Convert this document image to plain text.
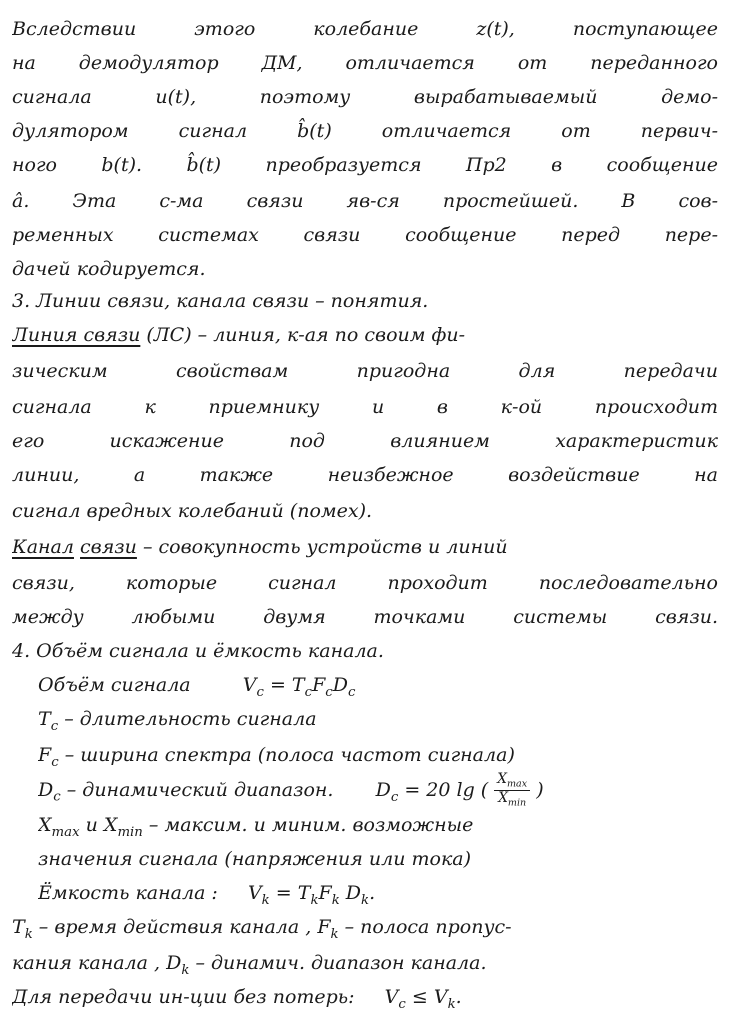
Вследствии этого колебание z(t), поступающее
на демодулятор ДМ, отличается от переданного
сигнала u(t), поэтому вырабатываемый демо-
дулятором сигнал b̂(t) отличается от первич-
ного b(t). b̂(t) преобразуется Пр2 в сообщение
â. Эта с-ма связи яв-ся простейшей. В сов-
ременных системах связи сообщение перед пере-
дачей кодируется.
3. Линии связи, канала связи – понятия.
Линия связи (ЛС) – линия, к-ая по своим фи-
зическим свойствам пригодна для передачи
сигнала к приемнику и в к-ой происходит
его искажение под влиянием характеристик
линии, а также неизбежное воздействие на
сигнал вредных колебаний (помех).
Канал связи – совокупность устройств и линий
связи, которые сигнал проходит последовательно
между любыми двумя точками системы связи.
4. Объём сигнала и ёмкость канала.
Объём сигнала	$V_c = T_cF_cD_c$
$T_c$ – длительность сигнала
$F_c$ – ширина спектра (полоса частот сигнала)
$D_c$ – динамический диапазон. $D_c = 20$ lg ( $\frac{X_{max}}{X_{min}}$ )
$X_{max}$ и $X_{min}$ – максим. и миним. возможные
значения сигнала (напряжения или тока)
Ёмкость канала : $V_k = T_kF_k$ $D_k$.
$T_k$ – время действия канала , $F_k$ – полоса пропус-
кания канала , $D_k$ – динамич. диапазон канала.
Для передачи ин-ции без потерь: $V_c \le V_k$.
